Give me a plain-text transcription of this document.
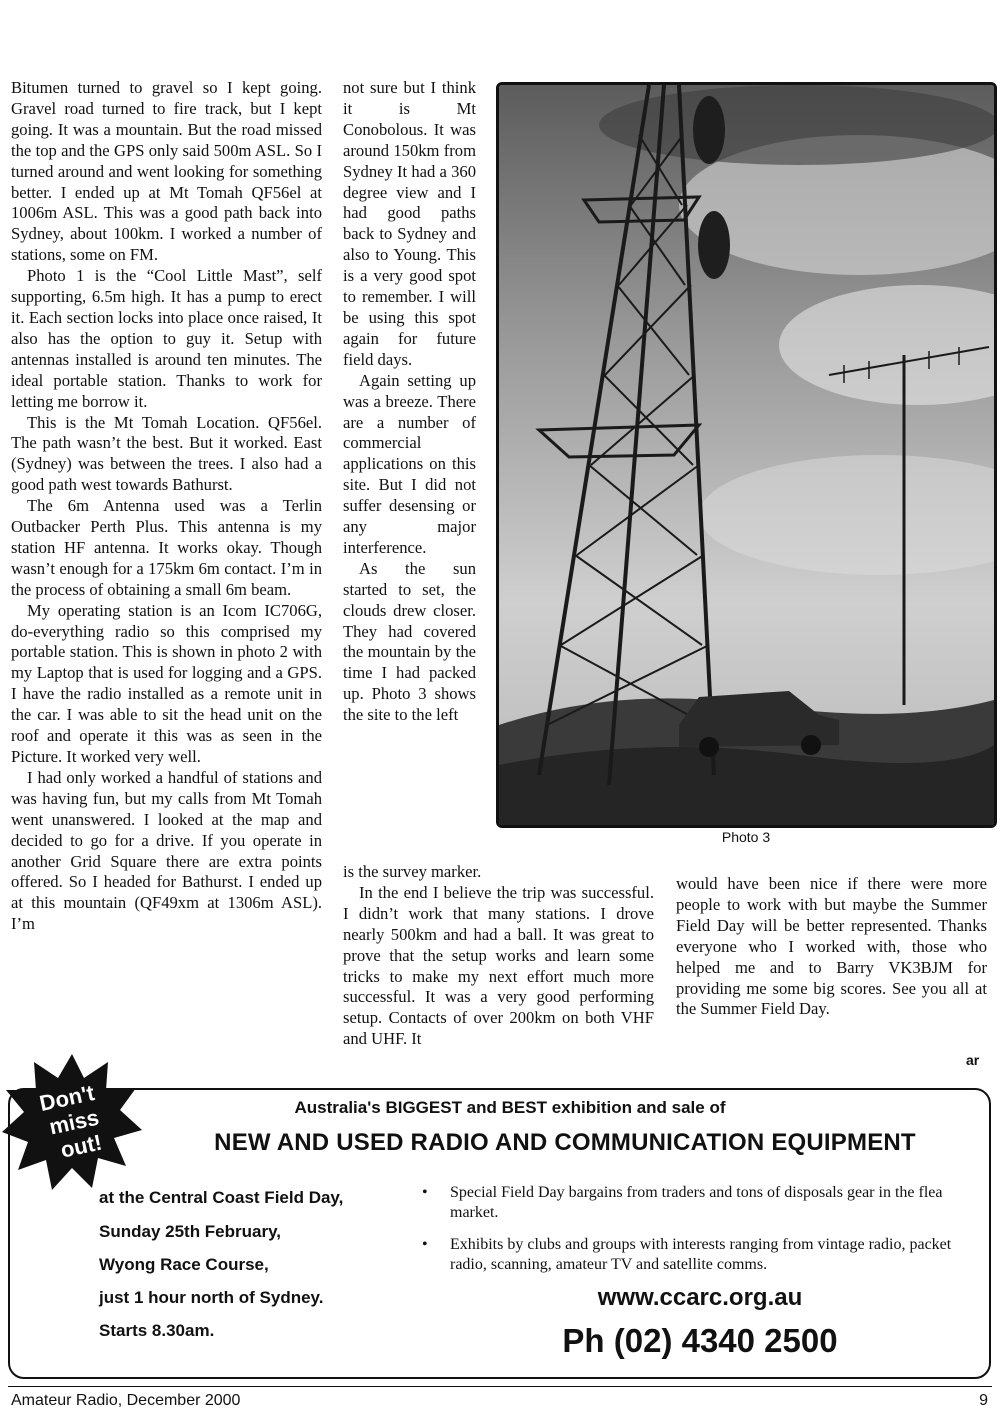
Bitumen turned to gravel so I kept going. Gravel road turned to fire track, but I kept going. It was a mountain. But the road missed the top and the GPS only said 500m ASL. So I turned around and went looking for something better. I ended up at Mt Tomah QF56el at 1006m ASL. This was a good path back into Sydney, about 100km. I worked a number of stations, some on FM.

Photo 1 is the “Cool Little Mast”, self supporting, 6.5m high. It has a pump to erect it. Each section locks into place once raised, It also has the option to guy it. Setup with antennas installed is around ten minutes. The ideal portable station. Thanks to work for letting me borrow it.

This is the Mt Tomah Location. QF56el. The path wasn’t the best. But it worked. East (Sydney) was between the trees. I also had a good path west towards Bathurst.

The 6m Antenna used was a Terlin Outbacker Perth Plus. This antenna is my station HF antenna. It works okay. Though wasn’t enough for a 175km 6m contact. I’m in the process of obtaining a small 6m beam.

My operating station is an Icom IC706G, do-everything radio so this comprised my portable station. This is shown in photo 2 with my Laptop that is used for logging and a GPS. I have the radio installed as a remote unit in the car. I was able to sit the head unit on the roof and operate it this was as seen in the Picture. It worked very well.

I had only worked a handful of stations and was having fun, but my calls from Mt Tomah went unanswered. I looked at the map and decided to go for a drive. If you operate in another Grid Square there are extra points offered. So I headed for Bathurst. I ended up at this mountain (QF49xm at 1306m ASL). I’m

not sure but I think it is Mt Conobolous. It was around 150km from Sydney It had a 360 degree view and I had good paths back to Sydney and also to Young. This is a very good spot to remember. I will be using this spot again for future field days.

Again setting up was a breeze. There are a number of commercial applications on this site. But I did not suffer desensing or any major interference.

As the sun started to set, the clouds drew closer. They had covered the mountain by the time I had packed up. Photo 3 shows the site to the left

is the survey marker.

In the end I believe the trip was successful. I didn’t work that many stations. I drove nearly 500km and had a ball. It was great to prove that the setup works and learn some tricks to make my next effort much more successful. It was a very good performing setup. Contacts of over 200km on both VHF and UHF. It

would have been nice if there were more people to work with but maybe the Summer Field Day will be better represented. Thanks everyone who I worked with, those who helped me and to Barry VK3BJM for providing me some big scores. See you all at the Summer Field Day.

Photo 3
ar
Don't
miss
out!
Australia's BIGGEST and BEST exhibition and sale of
NEW AND USED RADIO AND COMMUNICATION EQUIPMENT
at the Central Coast Field Day,
Sunday 25th February,
Wyong Race Course,
just 1 hour north of Sydney.
Starts 8.30am.
• Special Field Day bargains from traders and tons of disposals gear in the flea market.
• Exhibits by clubs and groups with interests ranging from vintage radio, packet radio, scanning, amateur TV and satellite comms.
www.ccarc.org.au
Ph (02) 4340 2500
Amateur Radio, December 2000	9
